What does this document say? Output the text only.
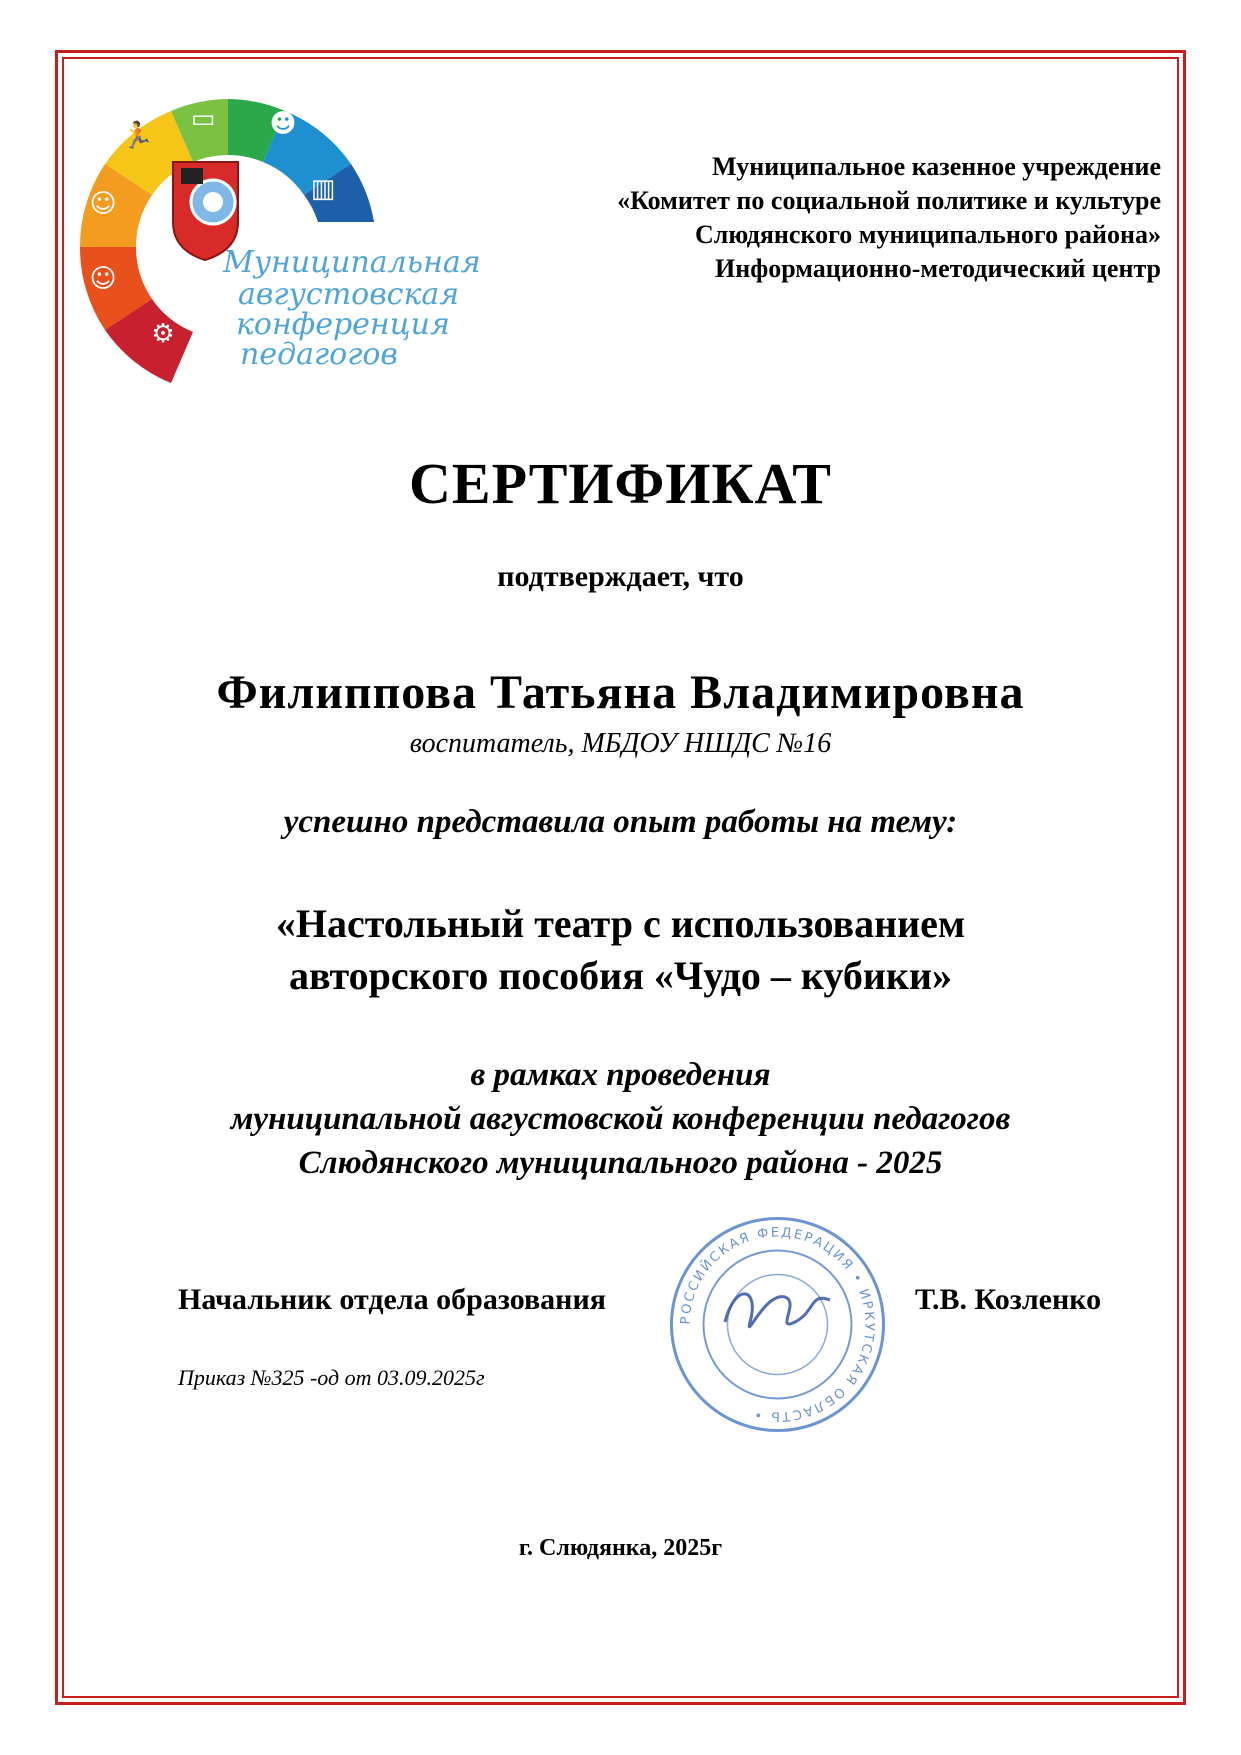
🏃
▭ ☻
▥
☺
☺
⚙
Муниципальная
августовская
конференция
педагогов
Муниципальное казенное учреждение
«Комитет по социальной политике и культуре
Слюдянского муниципального района»
Информационно-методический центр
СЕРТИФИКАТ
подтверждает, что
Филиппова Татьяна Владимировна
воспитатель, МБДОУ НШДС №16
успешно представила опыт работы на тему:
«Настольный театр с использованием
авторского пособия «Чудо – кубики»
в рамках проведения
муниципальной августовской конференции педагогов
Слюдянского муниципального района - 2025
РОССИЙСКАЯ ФЕДЕРАЦИЯ • ИРКУТСКАЯ ОБЛАСТЬ •
Начальник отдела образования	Т.В. Козленко
Приказ №325 -од от 03.09.2025г
г. Слюдянка, 2025г
